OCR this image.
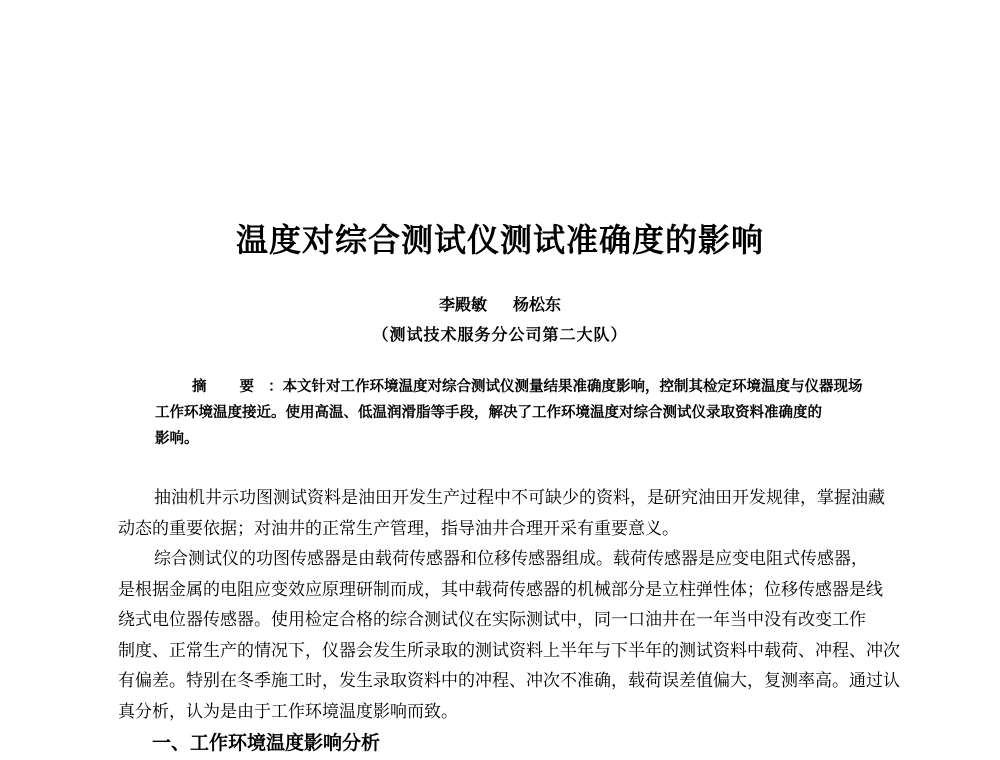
温度对综合测试仪测试准确度的影响
李殿敏 杨松东
（测试技术服务分公司第二大队）
摘 要：本文针对工作环境温度对综合测试仪测量结果准确度影响，控制其检定环境温度与仪器现场
工作环境温度接近。使用高温、低温润滑脂等手段，解决了工作环境温度对综合测试仪录取资料准确度的
影响。
抽油机井示功图测试资料是油田开发生产过程中不可缺少的资料，是研究油田开发规律，掌握油藏
动态的重要依据；对油井的正常生产管理，指导油井合理开采有重要意义。
综合测试仪的功图传感器是由载荷传感器和位移传感器组成。载荷传感器是应变电阻式传感器，
是根据金属的电阻应变效应原理研制而成，其中载荷传感器的机械部分是立柱弹性体；位移传感器是线
绕式电位器传感器。使用检定合格的综合测试仪在实际测试中，同一口油井在一年当中没有改变工作
制度、正常生产的情况下，仪器会发生所录取的测试资料上半年与下半年的测试资料中载荷、冲程、冲次
有偏差。特别在冬季施工时，发生录取资料中的冲程、冲次不准确，载荷误差值偏大，复测率高。通过认
真分析，认为是由于工作环境温度影响而致。
一、工作环境温度影响分析
